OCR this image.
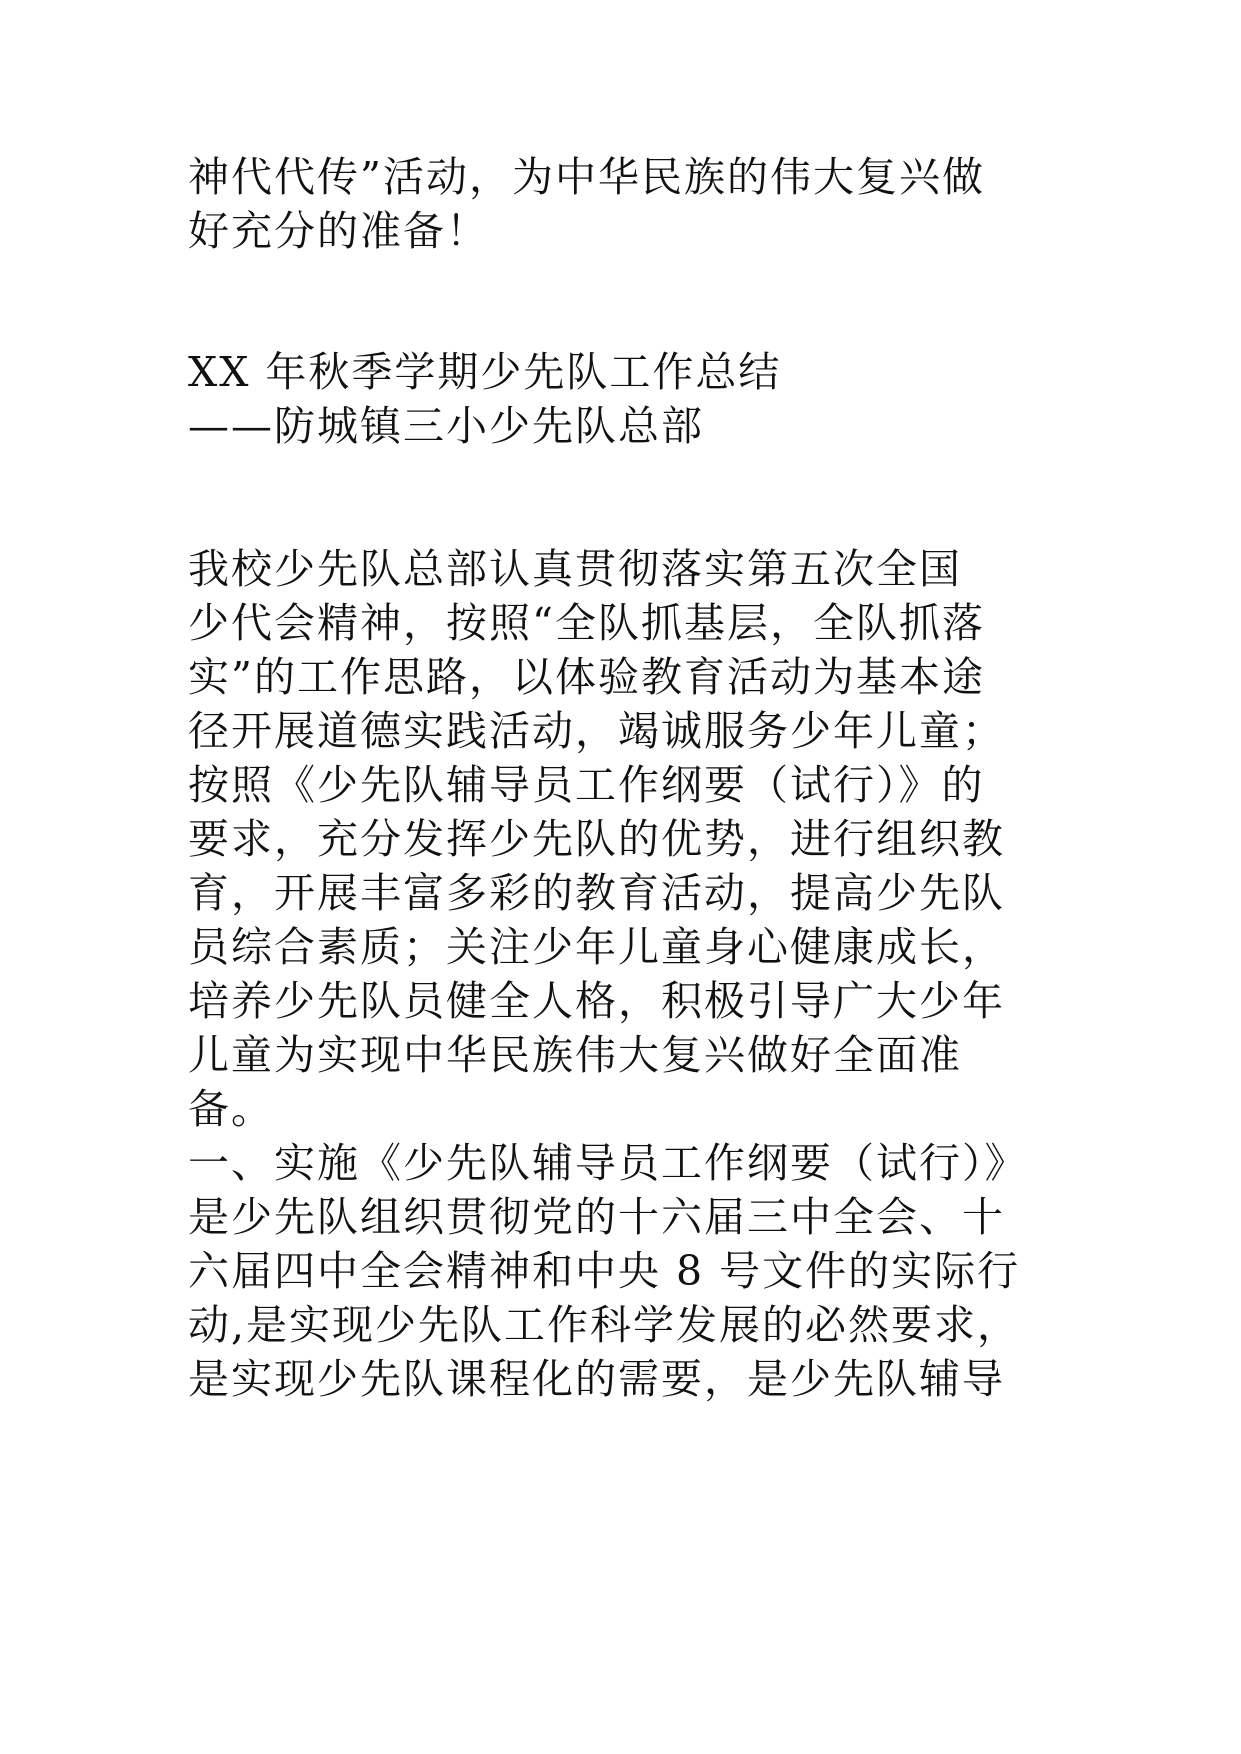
神代代传”活动，为中华民族的伟大复兴做
好充分的准备！
XX 年秋季学期少先队工作总结
——防城镇三小少先队总部
我校少先队总部认真贯彻落实第五次全国
少代会精神，按照“全队抓基层，全队抓落
实”的工作思路，以体验教育活动为基本途
径开展道德实践活动，竭诚服务少年儿童；
按照《少先队辅导员工作纲要（试行）》的
要求，充分发挥少先队的优势，进行组织教
育，开展丰富多彩的教育活动，提高少先队
员综合素质；关注少年儿童身心健康成长，
培养少先队员健全人格，积极引导广大少年
儿童为实现中华民族伟大复兴做好全面准
备。
一、实施《少先队辅导员工作纲要（试行）》
是少先队组织贯彻党的十六届三中全会、十
六届四中全会精神和中央 8 号文件的实际行
动,是实现少先队工作科学发展的必然要求，
是实现少先队课程化的需要，是少先队辅导
